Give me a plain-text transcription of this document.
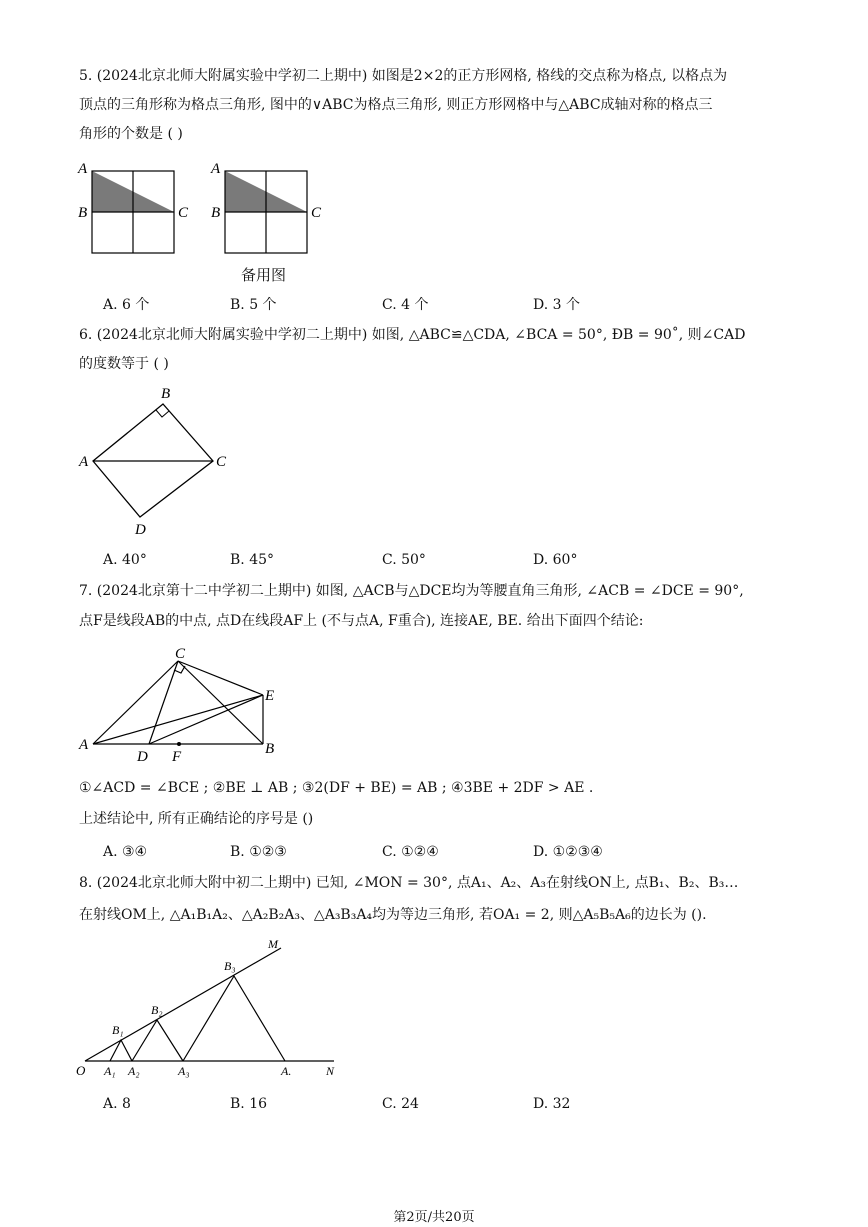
5. (2024北京北师大附属实验中学初二上期中) 如图是2×2的正方形网格, 格线的交点称为格点, 以格点为
顶点的三角形称为格点三角形, 图中的∨ABC为格点三角形, 则正方形网格中与△ABC成轴对称的格点三
角形的个数是 ( )
A
B	C
A
B	C
备用图
A. 6 个	B. 5 个	C. 4 个	D. 3 个
6. (2024北京北师大附属实验中学初二上期中) 如图, △ABC≌△CDA, ∠BCA = 50°, ÐB = 90˚, 则∠CAD
的度数等于 ( )
B
A	C
D
A. 40°	B. 45°	C. 50°	D. 60°
7. (2024北京第十二中学初二上期中) 如图, △ACB与△DCE均为等腰直角三角形, ∠ACB = ∠DCE = 90°,
点F是线段AB的中点, 点D在线段AF上 (不与点A, F重合), 连接AE, BE. 给出下面四个结论:
C
A	B
E
D F
①∠ACD = ∠BCE ; ②BE ⊥ AB ; ③2(DF + BE) = AB ; ④3BE + 2DF > AE .
上述结论中, 所有正确结论的序号是 ()
A. ③④	B. ①②③	C. ①②④	D. ①②③④
8. (2024北京北师大附中初二上期中) 已知, ∠MON = 30°, 点A₁、A₂、A₃在射线ON上, 点B₁、B₂、B₃…
在射线OM上, △A₁B₁A₂、△A₂B₂A₃、△A₃B₃A₄均为等边三角形, 若OA₁ = 2, 则△A₅B₅A₆的边长为 ().
M
N
O A₁ A₂	A₃	A.
B₁
B₂
B₃
A. 8	B. 16	C. 24	D. 32
第2页/共20页
